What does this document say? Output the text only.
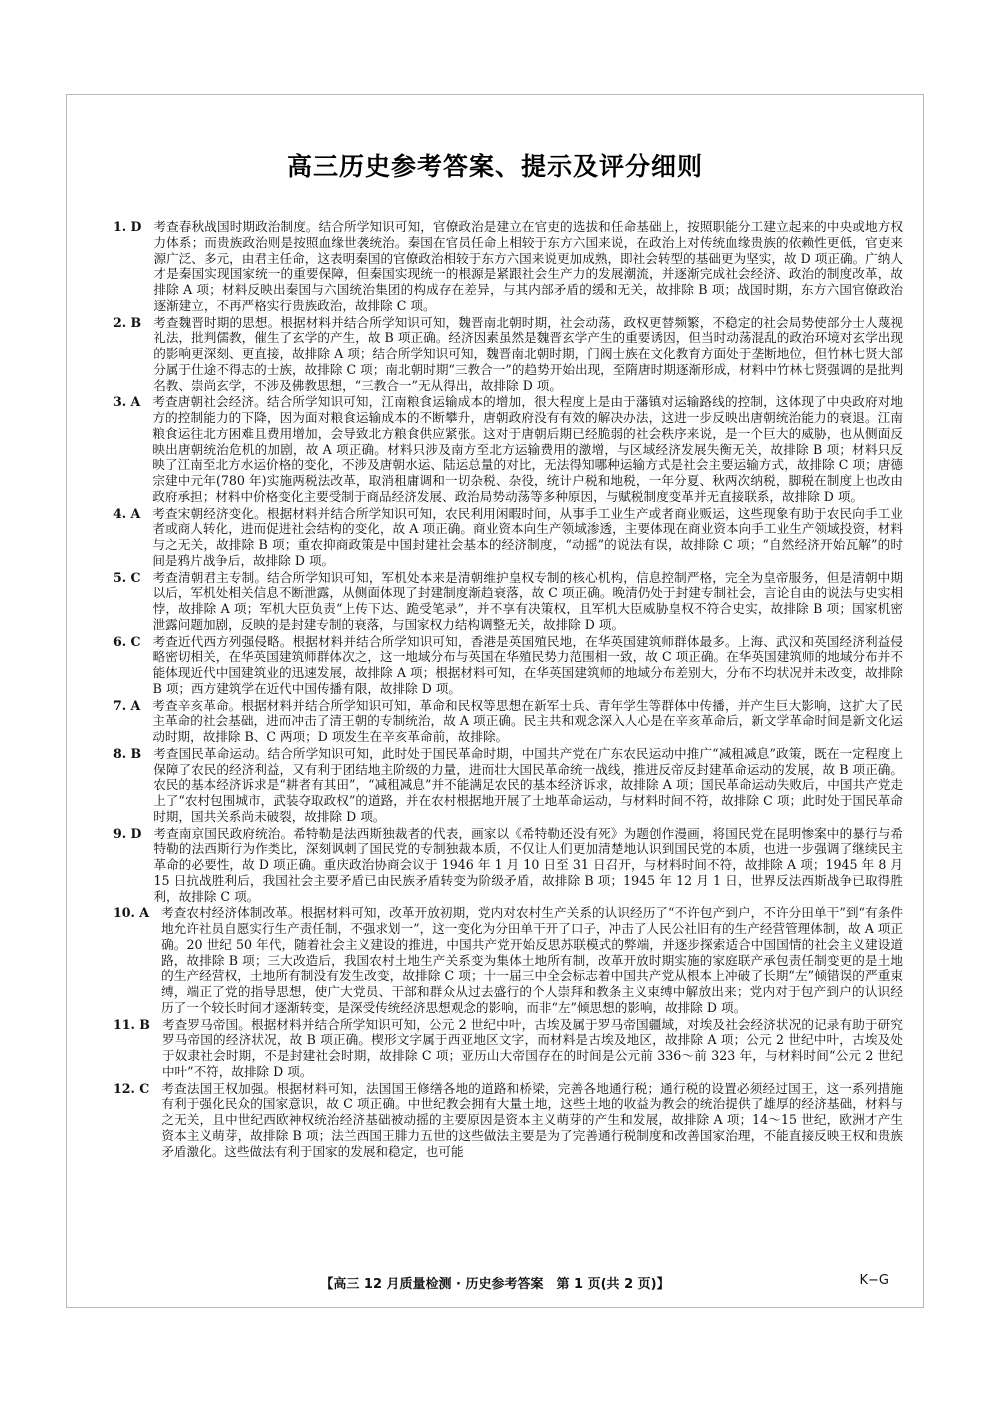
高三历史参考答案、提示及评分细则
1. D 考查春秋战国时期政治制度。结合所学知识可知，官僚政治是建立在官吏的选拔和任命基础上，按照职能分工建立起来的中央或地方权力体系；而贵族政治则是按照血缘世袭统治。秦国在官员任命上相较于东方六国来说，在政治上对传统血缘贵族的依赖性更低，官吏来源广泛、多元，由君主任命，这表明秦国的官僚政治相较于东方六国来说更加成熟，即社会转型的基础更为坚实，故 D 项正确。广纳人才是秦国实现国家统一的重要保障，但秦国实现统一的根源是紧跟社会生产力的发展潮流，并逐渐完成社会经济、政治的制度改革，故排除 A 项；材料反映出秦国与六国统治集团的构成存在差异，与其内部矛盾的缓和无关，故排除 B 项；战国时期，东方六国官僚政治逐渐建立，不再严格实行贵族政治，故排除 C 项。
2. B 考查魏晋时期的思想。根据材料并结合所学知识可知，魏晋南北朝时期，社会动荡，政权更替频繁，不稳定的社会局势使部分士人蔑视礼法，批判儒教，催生了玄学的产生，故 B 项正确。经济因素虽然是魏晋玄学产生的重要诱因，但当时动荡混乱的政治环境对玄学出现的影响更深刻、更直接，故排除 A 项；结合所学知识可知，魏晋南北朝时期，门阀士族在文化教育方面处于垄断地位，但竹林七贤大部分属于仕途不得志的士族，故排除 C 项；南北朝时期“三教合一”的趋势开始出现，至隋唐时期逐渐形成，材料中竹林七贤强调的是批判名教、崇尚玄学，不涉及佛教思想，“三教合一”无从得出，故排除 D 项。
3. A 考查唐朝社会经济。结合所学知识可知，江南粮食运输成本的增加，很大程度上是由于藩镇对运输路线的控制，这体现了中央政府对地方的控制能力的下降，因为面对粮食运输成本的不断攀升，唐朝政府没有有效的解决办法，这进一步反映出唐朝统治能力的衰退。江南粮食运往北方困难且费用增加，会导致北方粮食供应紧张。这对于唐朝后期已经脆弱的社会秩序来说，是一个巨大的威胁，也从侧面反映出唐朝统治危机的加剧，故 A 项正确。材料只涉及南方至北方运输费用的激增，与区域经济发展失衡无关，故排除 B 项；材料只反映了江南至北方水运价格的变化，不涉及唐朝水运、陆运总量的对比，无法得知哪种运输方式是社会主要运输方式，故排除 C 项；唐德宗建中元年(780 年)实施两税法改革，取消租庸调和一切杂税、杂役，统计户税和地税，一年分夏、秋两次纳税，脚税在制度上也改由政府承担；材料中价格变化主要受制于商品经济发展、政治局势动荡等多种原因，与赋税制度变革并无直接联系，故排除 D 项。
4. A 考查宋朝经济变化。根据材料并结合所学知识可知，农民利用闲暇时间，从事手工业生产或者商业贩运，这些现象有助于农民向手工业者或商人转化，进而促进社会结构的变化，故 A 项正确。商业资本向生产领域渗透，主要体现在商业资本向手工业生产领域投资，材料与之无关，故排除 B 项；重农抑商政策是中国封建社会基本的经济制度，“动摇”的说法有误，故排除 C 项；“自然经济开始瓦解”的时间是鸦片战争后，故排除 D 项。
5. C 考查清朝君主专制。结合所学知识可知，军机处本来是清朝维护皇权专制的核心机构，信息控制严格，完全为皇帝服务，但是清朝中期以后，军机处相关信息不断泄露，从侧面体现了封建制度渐趋衰落，故 C 项正确。晚清仍处于封建专制社会，言论自由的说法与史实相悖，故排除 A 项；军机大臣负责“上传下达、跪受笔录”，并不享有决策权，且军机大臣威胁皇权不符合史实，故排除 B 项；国家机密泄露问题加剧，反映的是封建专制的衰落，与国家权力结构调整无关，故排除 D 项。
6. C 考查近代西方列强侵略。根据材料并结合所学知识可知，香港是英国殖民地，在华英国建筑师群体最多。上海、武汉和英国经济利益侵略密切相关，在华英国建筑师群体次之，这一地域分布与英国在华殖民势力范围相一致，故 C 项正确。在华英国建筑师的地域分布并不能体现近代中国建筑业的迅速发展，故排除 A 项；根据材料可知，在华英国建筑师的地域分布差别大，分布不均状况并未改变，故排除 B 项；西方建筑学在近代中国传播有限，故排除 D 项。
7. A 考查辛亥革命。根据材料并结合所学知识可知，革命和民权等思想在新军士兵、青年学生等群体中传播，并产生巨大影响，这扩大了民主革命的社会基础，进而冲击了清王朝的专制统治，故 A 项正确。民主共和观念深入人心是在辛亥革命后，新文学革命时间是新文化运动时期，故排除 B、C 两项；D 项发生在辛亥革命前，故排除。
8. B 考查国民革命运动。结合所学知识可知，此时处于国民革命时期，中国共产党在广东农民运动中推广“减租减息”政策，既在一定程度上保障了农民的经济利益，又有利于团结地主阶级的力量，进而壮大国民革命统一战线，推进反帝反封建革命运动的发展，故 B 项正确。农民的基本经济诉求是“耕者有其田”，“减租减息”并不能满足农民的基本经济诉求，故排除 A 项；国民革命运动失败后，中国共产党走上了“农村包围城市，武装夺取政权”的道路，并在农村根据地开展了土地革命运动，与材料时间不符，故排除 C 项；此时处于国民革命时期，国共关系尚未破裂，故排除 D 项。
9. D 考查南京国民政府统治。希特勒是法西斯独裁者的代表，画家以《希特勒还没有死》为题创作漫画，将国民党在昆明惨案中的暴行与希特勒的法西斯行为作类比，深刻讽刺了国民党的专制独裁本质，不仅让人们更加清楚地认识到国民党的本质，也进一步强调了继续民主革命的必要性，故 D 项正确。重庆政治协商会议于 1946 年 1 月 10 日至 31 日召开，与材料时间不符，故排除 A 项；1945 年 8 月 15 日抗战胜利后，我国社会主要矛盾已由民族矛盾转变为阶级矛盾，故排除 B 项；1945 年 12 月 1 日，世界反法西斯战争已取得胜利，故排除 C 项。
10. A 考查农村经济体制改革。根据材料可知，改革开放初期，党内对农村生产关系的认识经历了“不许包产到户，不许分田单干”到“有条件地允许社员自愿实行生产责任制，不强求划一”，这一变化为分田单干开了口子，冲击了人民公社旧有的生产经营管理体制，故 A 项正确。20 世纪 50 年代，随着社会主义建设的推进，中国共产党开始反思苏联模式的弊端，并逐步探索适合中国国情的社会主义建设道路，故排除 B 项；三大改造后，我国农村土地生产关系变为集体土地所有制，改革开放时期实施的家庭联产承包责任制变更的是土地的生产经营权，土地所有制没有发生改变，故排除 C 项；十一届三中全会标志着中国共产党从根本上冲破了长期“左”倾错误的严重束缚，端正了党的指导思想，使广大党员、干部和群众从过去盛行的个人崇拜和教条主义束缚中解放出来；党内对于包产到户的认识经历了一个较长时间才逐渐转变，是深受传统经济思想观念的影响，而非“左”倾思想的影响，故排除 D 项。
11. B 考查罗马帝国。根据材料并结合所学知识可知，公元 2 世纪中叶，古埃及属于罗马帝国疆域，对埃及社会经济状况的记录有助于研究罗马帝国的经济状况，故 B 项正确。楔形文字属于西亚地区文字，而材料是古埃及地区，故排除 A 项；公元 2 世纪中叶，古埃及处于奴隶社会时期，不是封建社会时期，故排除 C 项；亚历山大帝国存在的时间是公元前 336～前 323 年，与材料时间“公元 2 世纪中叶”不符，故排除 D 项。
12. C 考查法国王权加强。根据材料可知，法国国王修缮各地的道路和桥梁，完善各地通行税；通行税的设置必须经过国王，这一系列措施有利于强化民众的国家意识，故 C 项正确。中世纪教会拥有大量土地，这些土地的收益为教会的统治提供了雄厚的经济基础，材料与之无关，且中世纪西欧神权统治经济基础被动摇的主要原因是资本主义萌芽的产生和发展，故排除 A 项；14～15 世纪，欧洲才产生资本主义萌芽，故排除 B 项；法兰西国王腓力五世的这些做法主要是为了完善通行税制度和改善国家治理，不能直接反映王权和贵族矛盾激化。这些做法有利于国家的发展和稳定，也可能
【高三 12 月质量检测 · 历史参考答案　第 1 页(共 2 页)】	K−G
